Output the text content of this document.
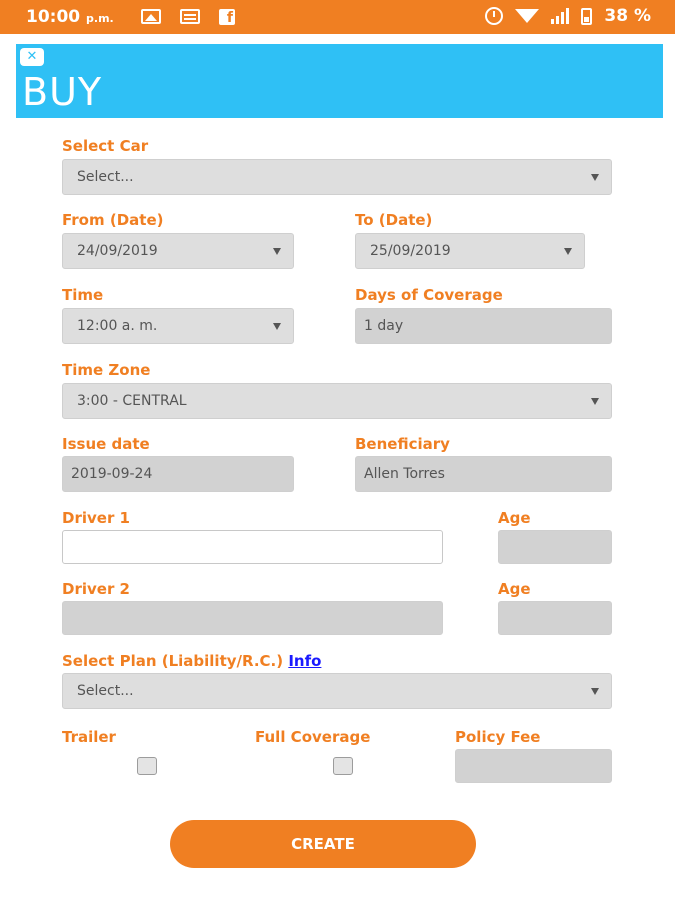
10:00 p.m.	f	38 %
✕
BUY
Select Car
Select...
From (Date)
24/09/2019
To (Date)
25/09/2019
Time
12:00 a. m.
Days of Coverage
1 day
Time Zone
3:00 - CENTRAL
Issue date
2019-09-24
Beneficiary
Allen Torres
Driver 1	Age
Driver 2	Age
Select Plan (Liability/R.C.) Info
Select...
Trailer	Full Coverage	Policy Fee
CREATE
